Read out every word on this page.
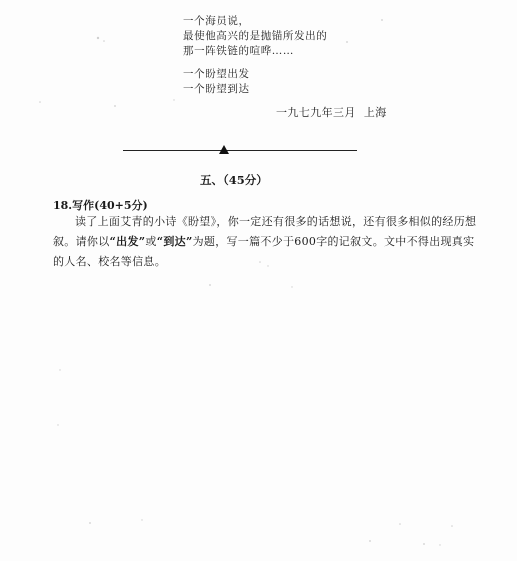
一个海员说，
最使他高兴的是抛锚所发出的
那一阵铁链的喧哗……
一个盼望出发
一个盼望到达
一九七九年三月 上海
五、（45分）
18.写作(40+5分)
读了上面艾青的小诗《盼望》，你一定还有很多的话想说，还有很多相似的经历想叙。请你以“出发”或“到达”为题，写一篇不少于600字的记叙文。文中不得出现真实的人名、校名等信息。
